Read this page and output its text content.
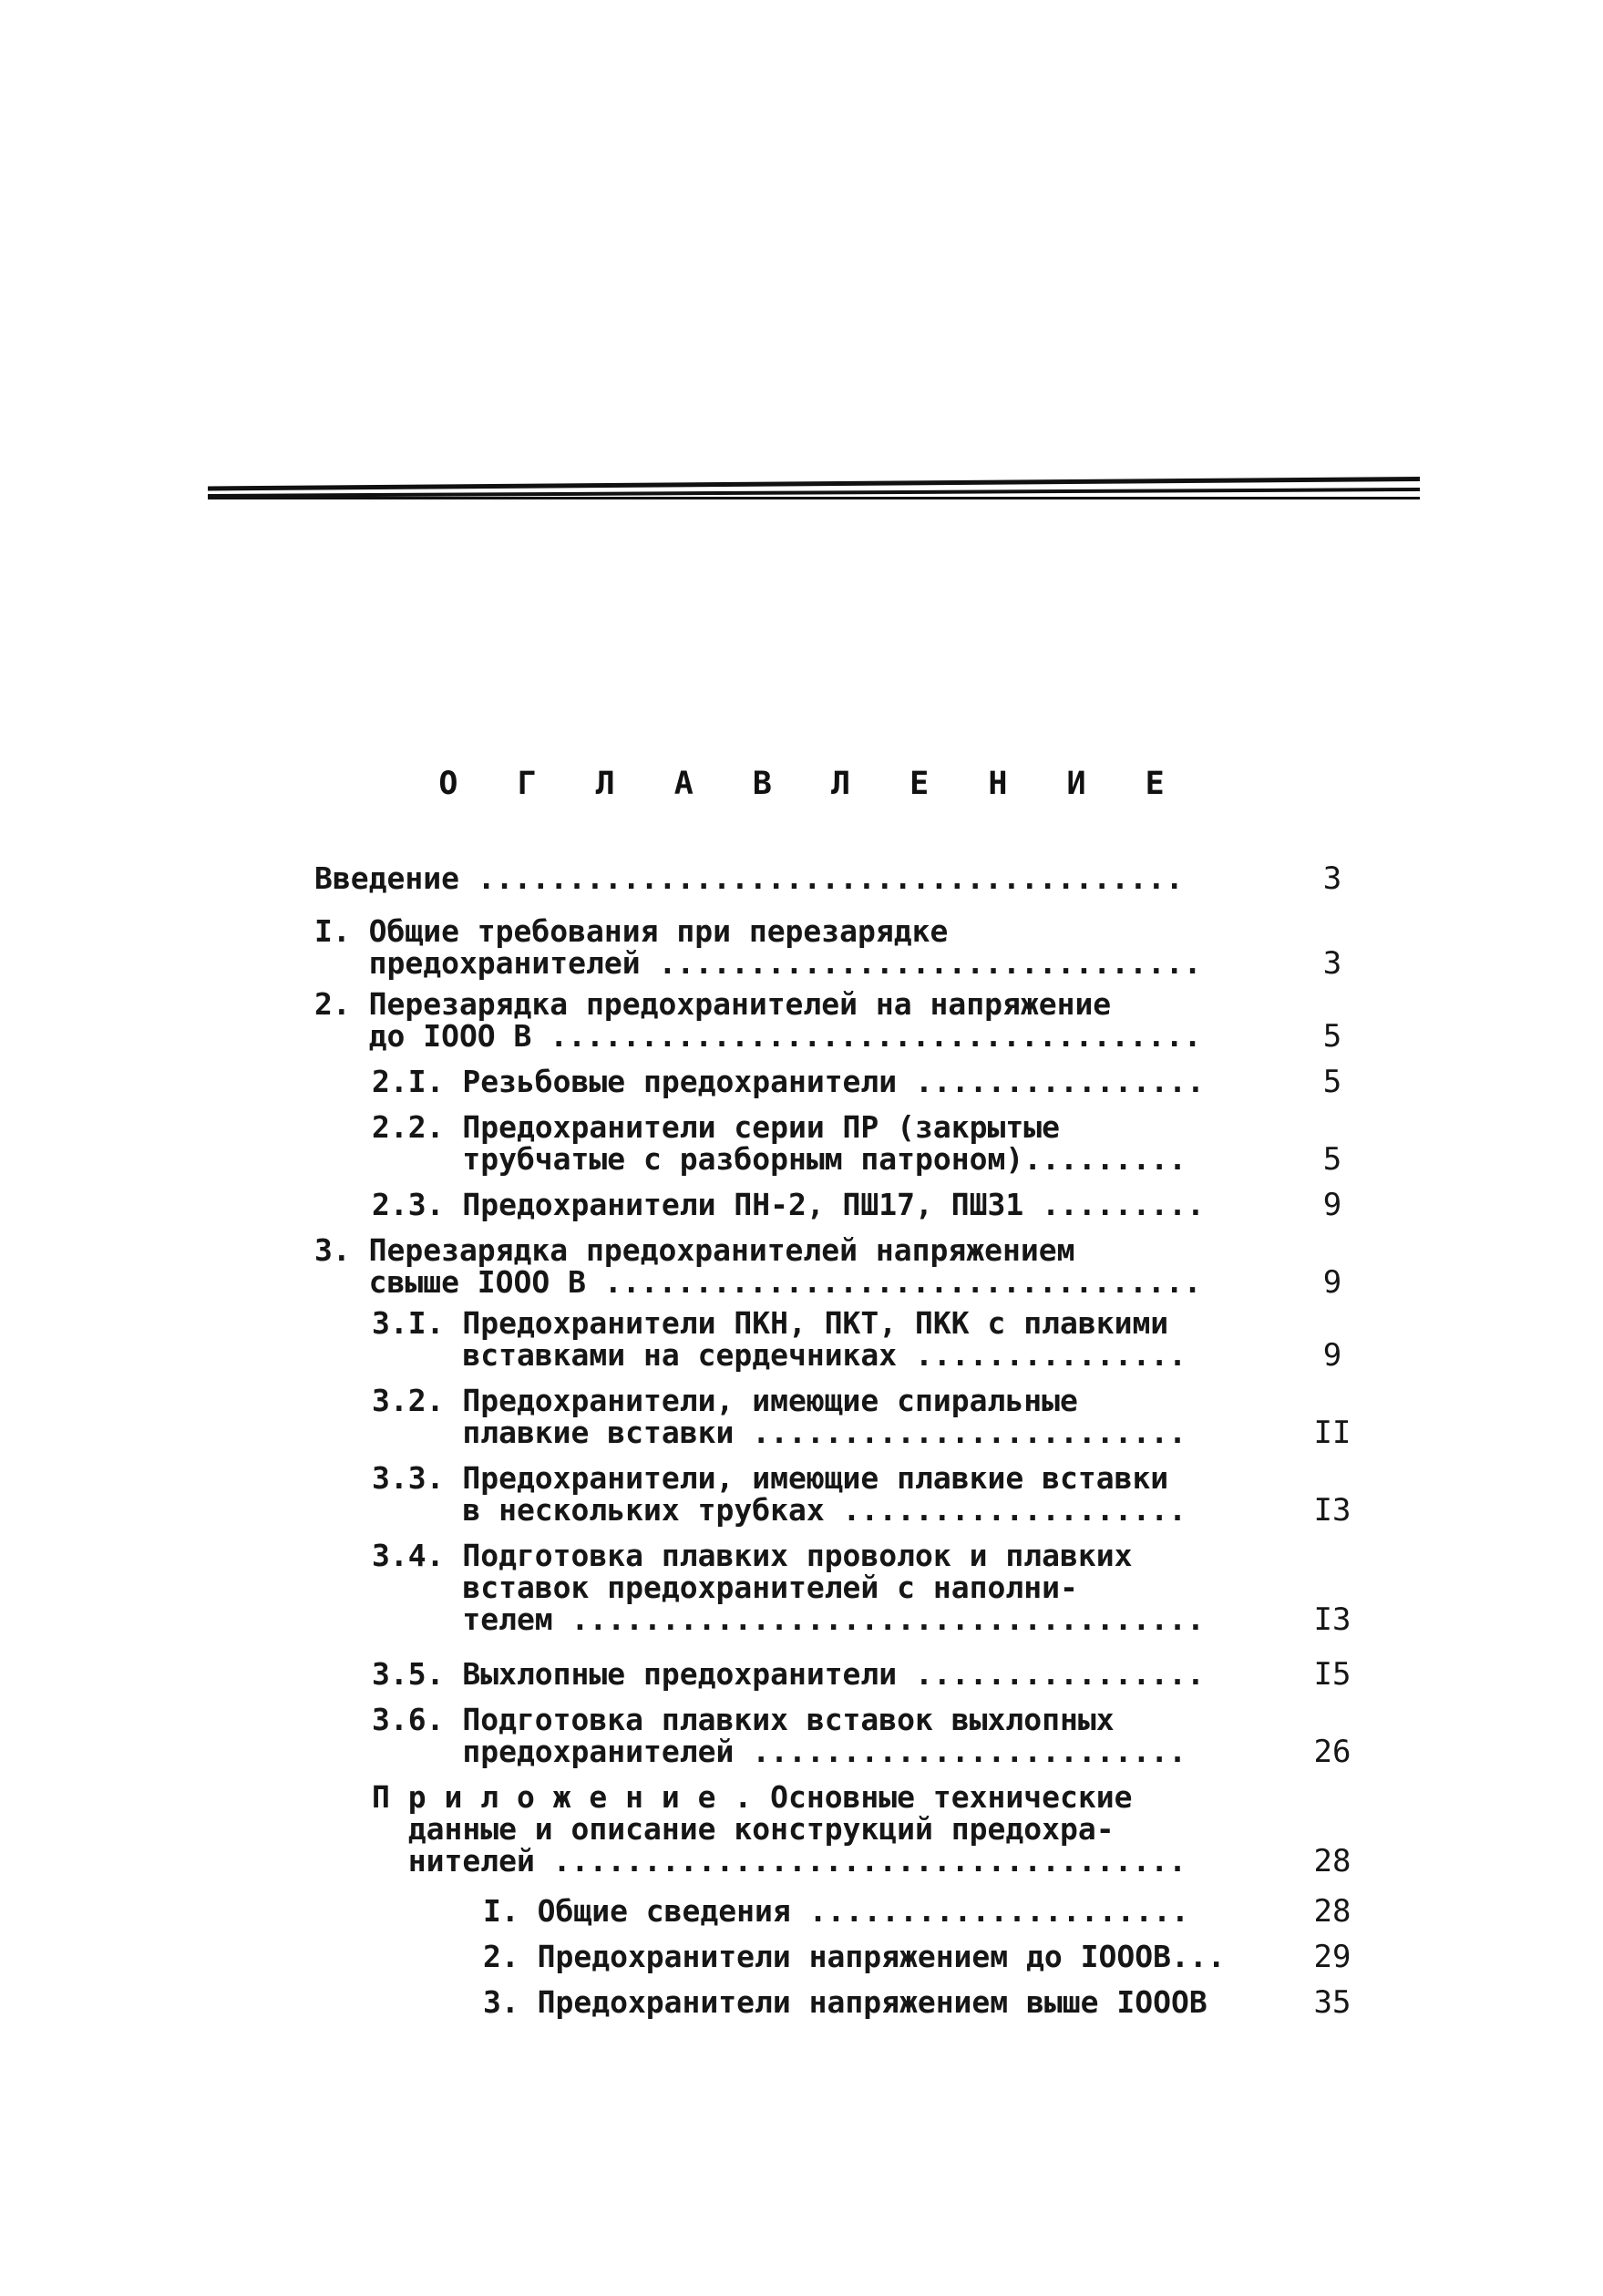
О Г Л А В Л Е Н И Е
Введение .......................................	3
I. Общие требования при перезарядке
предохранителей ..............................	3
2. Перезарядка предохранителей на напряжение
до IOOO В ....................................	5
2.I. Резьбовые предохранители ................	5
2.2. Предохранители серии ПР (закрытые
трубчатые с разборным патроном).........	5
2.3. Предохранители ПН-2, ПШ17, ПШ31 .........	9
3. Перезарядка предохранителей напряжением
свыше IOOO В .................................	9
3.I. Предохранители ПКН, ПКТ, ПКК с плавкими
вставками на сердечниках ...............	9
3.2. Предохранители, имеющие спиральные
плавкие вставки ........................	II
3.3. Предохранители, имеющие плавкие вставки
в нескольких трубках ...................	I3
3.4. Подготовка плавких проволок и плавких
вставок предохранителей с наполни-
телем ...................................	I3
3.5. Выхлопные предохранители ................	I5
3.6. Подготовка плавких вставок выхлопных
предохранителей ........................	26
П р и л о ж е н и е . Основные технические
данные и описание конструкций предохра-
нителей ...................................	28
I. Общие сведения .....................	28
2. Предохранители напряжением до IOOOВ...	29
3. Предохранители напряжением выше IOOOВ	35
